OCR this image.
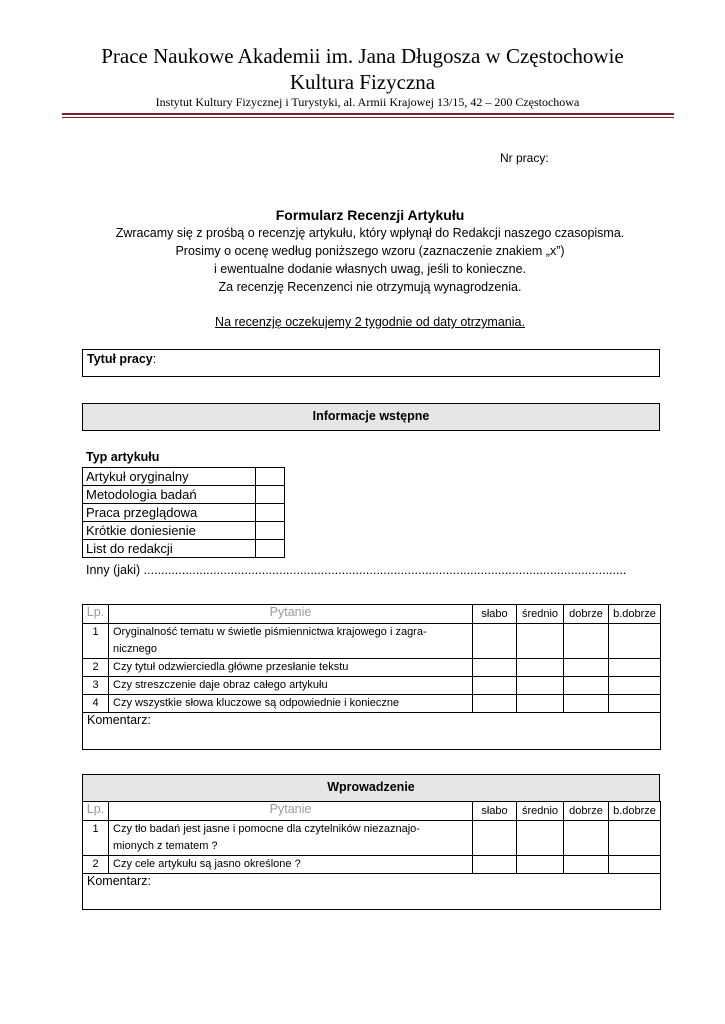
Prace Naukowe Akademii im. Jana Długosza w Częstochowie
Kultura Fizyczna
Instytut Kultury Fizycznej i Turystyki, al. Armii Krajowej 13/15, 42 – 200 Częstochowa
Nr pracy:
Formularz Recenzji Artykułu
Zwracamy się z prośbą o recenzję artykułu, który wpłynął do Redakcji naszego czasopisma.
Prosimy o ocenę według poniższego wzoru (zaznaczenie znakiem „x”)
i ewentualne dodanie własnych uwag, jeśli to konieczne.
Za recenzję Recenzenci nie otrzymują wynagrodzenia.
Na recenzję oczekujemy 2 tygodnie od daty otrzymania.
Tytuł pracy:
Informacje wstępne
Typ artykułu
Artykuł oryginalny	
Metodologia badań	
Praca przeglądowa	
Krótkie doniesienie	
List do redakcji	
Inny (jaki) ...........................................................................................................................................
Lp.	Pytanie	słabo	średnio	dobrze	b.dobrze
1	Oryginalność tematu w świetle piśmiennictwa krajowego i zagra-
nicznego				

2	Czy tytuł odzwierciedla główne przesłanie tekstu				
3	Czy streszczenie daje obraz całego artykułu				
4	Czy wszystkie słowa kluczowe są odpowiednie i konieczne				
Komentarz:					
Wprowadzenie
Lp.	Pytanie	słabo	średnio	dobrze	b.dobrze
1	Czy tło badań jest jasne i pomocne dla czytelników niezaznajo-
mionych z tematem ?				

2	Czy cele artykułu są jasno określone ?				
Komentarz:					
